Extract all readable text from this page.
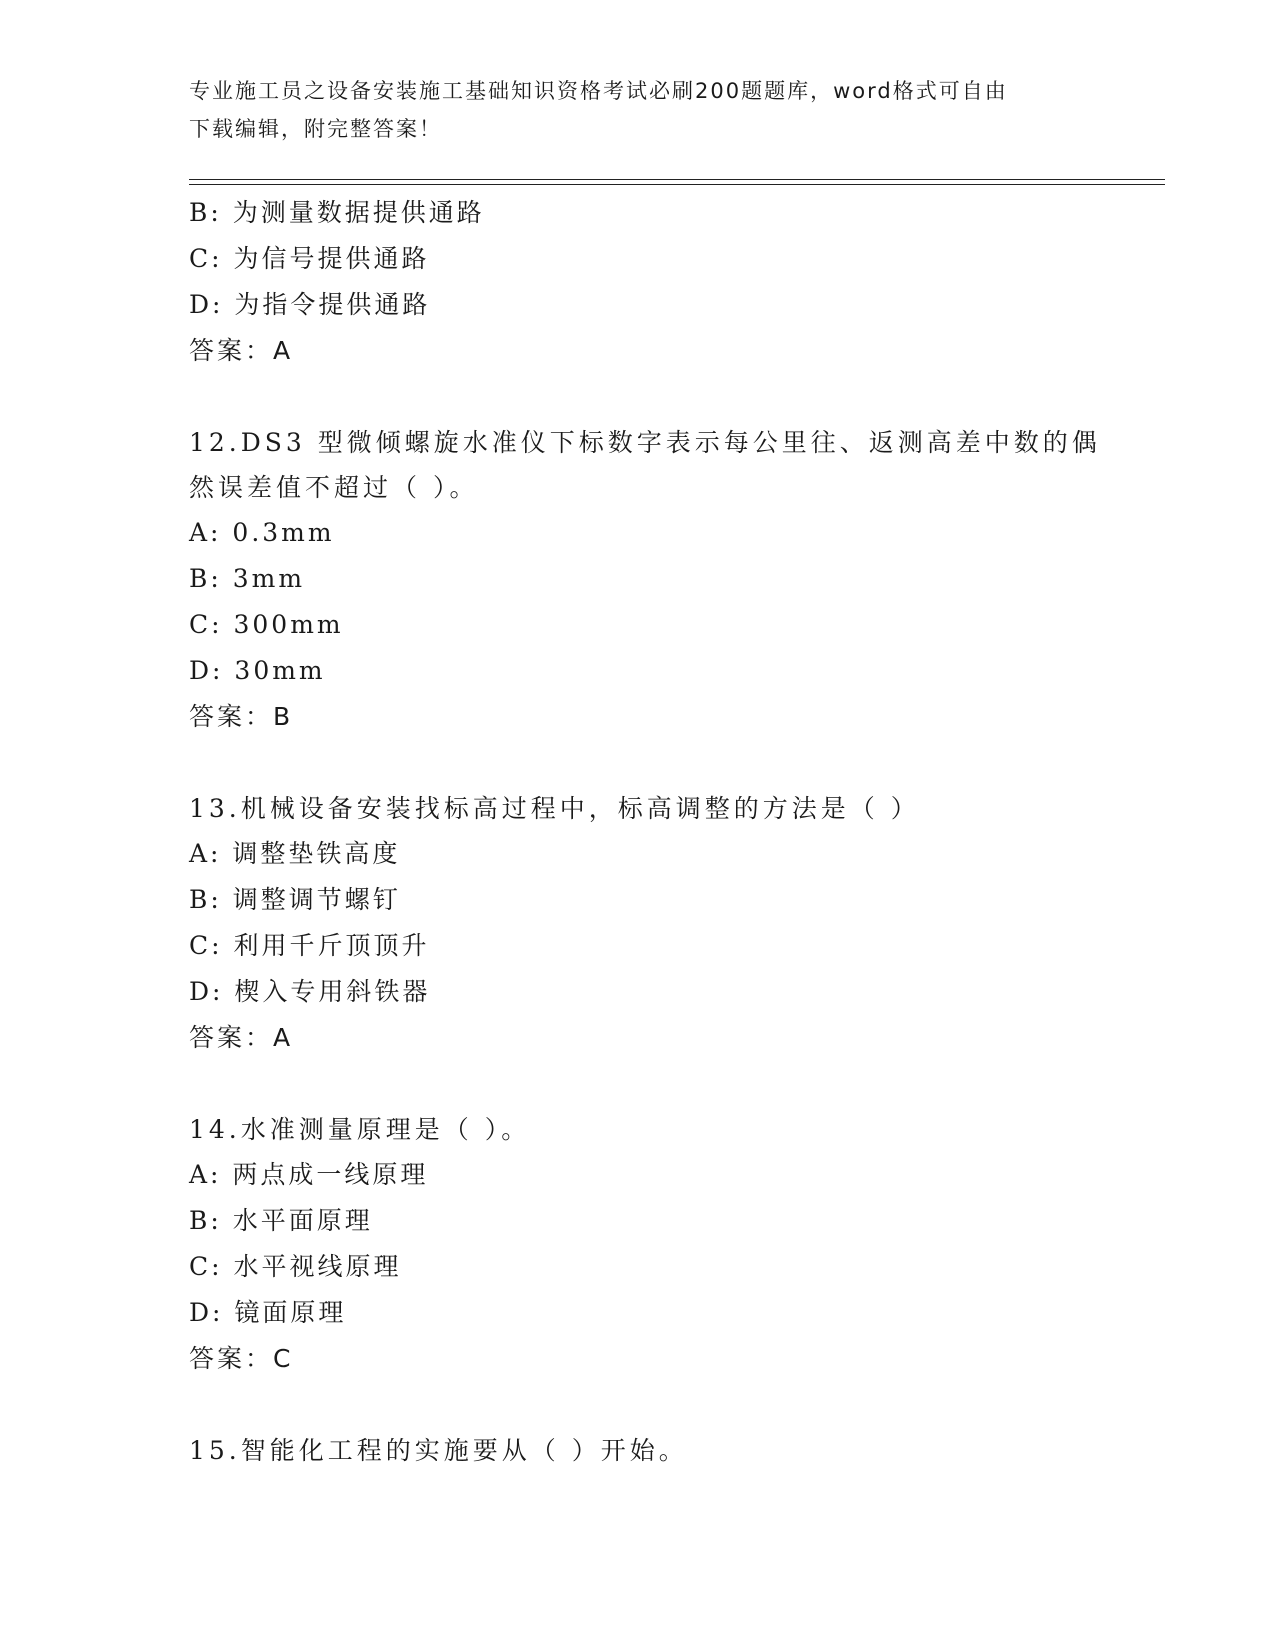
专业施工员之设备安装施工基础知识资格考试必刷200题题库，word格式可自由
下载编辑，附完整答案！
B: 为测量数据提供通路
C: 为信号提供通路
D: 为指令提供通路
答案：A
12.DS3 型微倾螺旋水准仪下标数字表示每公里往、返测高差中数的偶
然误差值不超过（ ）。
A: 0.3mm
B: 3mm
C: 300mm
D: 30mm
答案：B
13.机械设备安装找标高过程中，标高调整的方法是（ ）
A: 调整垫铁高度
B: 调整调节螺钉
C: 利用千斤顶顶升
D: 楔入专用斜铁器
答案：A
14.水准测量原理是（ ）。
A: 两点成一线原理
B: 水平面原理
C: 水平视线原理
D: 镜面原理
答案：C
15.智能化工程的实施要从（ ）开始。
